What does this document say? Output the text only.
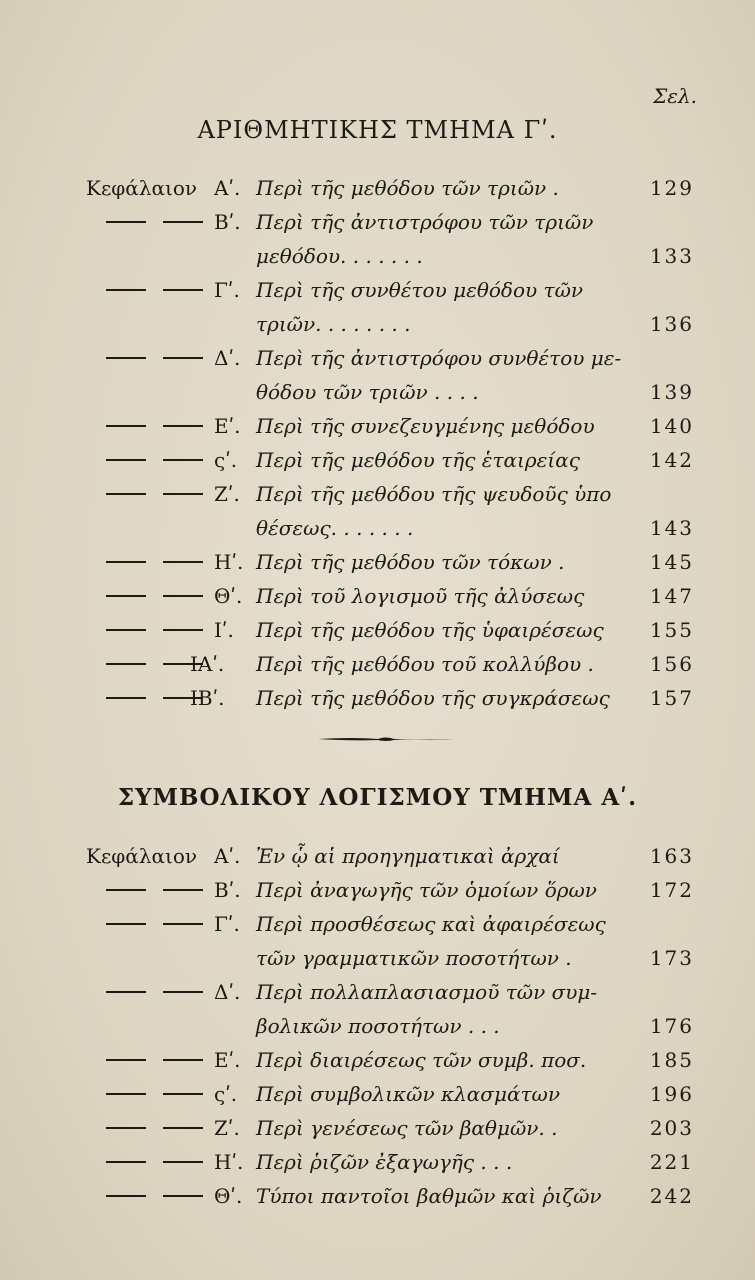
Σελ.
ΑΡΙΘΜΗΤΙΚΗΣ ΤΜΗΜΑ Γʹ.
Κεφάλαιον Αʹ. Περὶ τῆς μεθόδου τῶν τριῶν .	129
Βʹ. Περὶ τῆς ἀντιστρόφου τῶν τριῶν
μεθόδου. . . . . . .	133
Γʹ. Περὶ τῆς συνθέτου μεθόδου τῶν
τριῶν. . . . . . . .	136
Δʹ. Περὶ τῆς ἀντιστρόφου συνθέτου με-
θόδου τῶν τριῶν . . . .	139
Εʹ. Περὶ τῆς συνεζευγμένης μεθόδου	140
ςʹ. Περὶ τῆς μεθόδου τῆς ἑταιρείας	142
Ζʹ. Περὶ τῆς μεθόδου τῆς ψευδοῦς ὑπο
θέσεως. . . . . . .	143
Ηʹ. Περὶ τῆς μεθόδου τῶν τόκων .	145
Θʹ. Περὶ τοῦ λογισμοῦ τῆς ἀλύσεως	147
Ιʹ. Περὶ τῆς μεθόδου τῆς ὑφαιρέσεως	155
ΙΑʹ. Περὶ τῆς μεθόδου τοῦ κολλύβου .	156
ΙΒʹ. Περὶ τῆς μεθόδου τῆς συγκράσεως	157
ΣΥΜΒΟΛΙΚΟΥ ΛΟΓΙΣΜΟΥ ΤΜΗΜΑ Αʹ.
Κεφάλαιον Αʹ. Ἐν ᾧ αἱ προηγηματικαὶ ἀρχαί	163
Βʹ. Περὶ ἀναγωγῆς τῶν ὁμοίων ὅρων	172
Γʹ. Περὶ προσθέσεως καὶ ἀφαιρέσεως
τῶν γραμματικῶν ποσοτήτων .	173
Δʹ. Περὶ πολλαπλασιασμοῦ τῶν συμ-
βολικῶν ποσοτήτων . . .	176
Εʹ. Περὶ διαιρέσεως τῶν συμβ. ποσ.	185
ςʹ. Περὶ συμβολικῶν κλασμάτων	196
Ζʹ. Περὶ γενέσεως τῶν βαθμῶν. .	203
Ηʹ. Περὶ ῥιζῶν ἐξαγωγῆς . . .	221
Θʹ. Τύποι παντοῖοι βαθμῶν καὶ ῥιζῶν	242
